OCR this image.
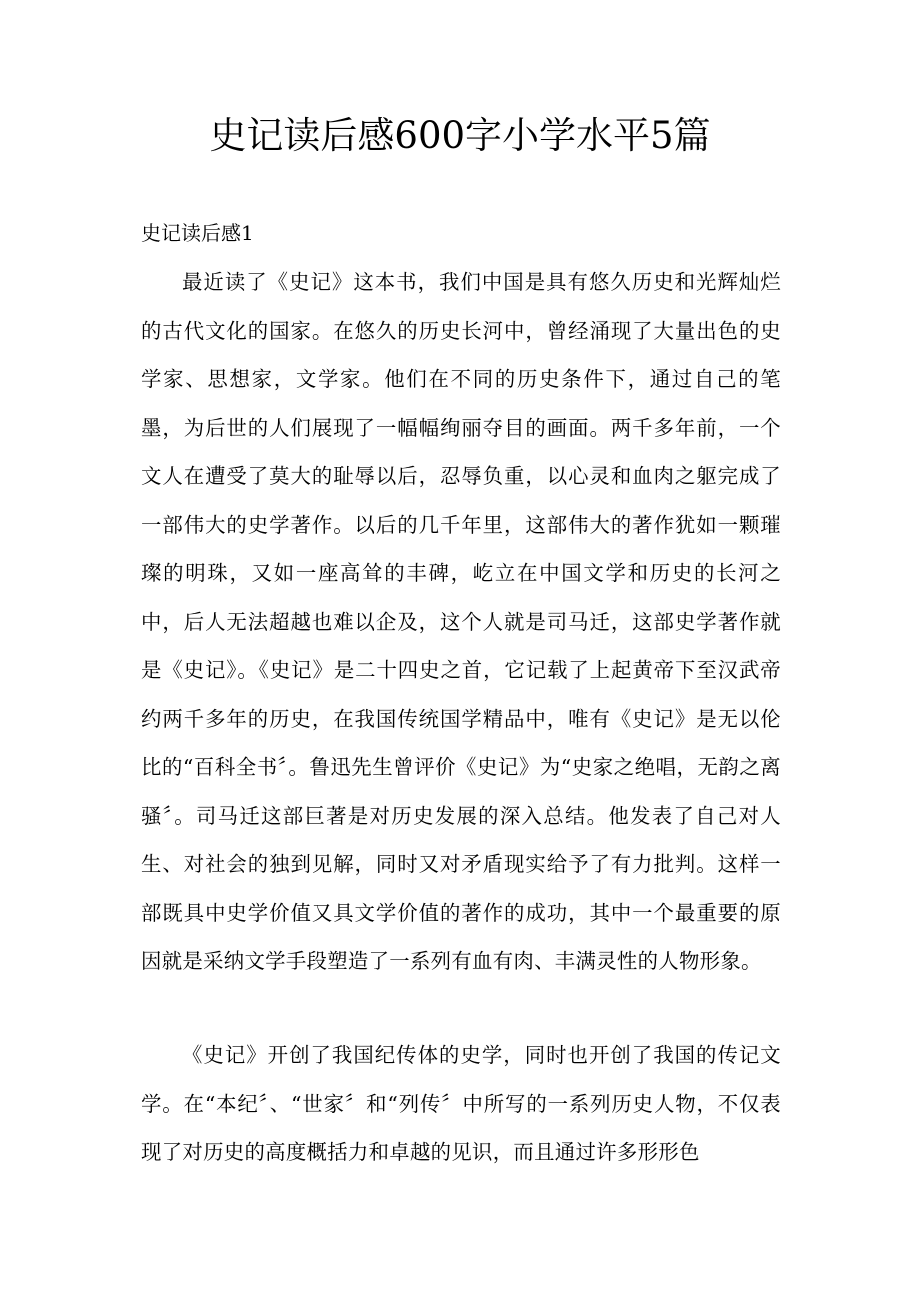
史记读后感600字小学水平5篇

史记读后感1

最近读了《史记》这本书，我们中国是具有悠久历史和光辉灿烂的古代文化的国家。在悠久的历史长河中，曾经涌现了大量出色的史学家、思想家，文学家。他们在不同的历史条件下，通过自己的笔墨，为后世的人们展现了一幅幅绚丽夺目的画面。两千多年前，一个文人在遭受了莫大的耻辱以后，忍辱负重，以心灵和血肉之躯完成了一部伟大的史学著作。以后的几千年里，这部伟大的著作犹如一颗璀璨的明珠，又如一座高耸的丰碑，屹立在中国文学和历史的长河之中，后人无法超越也难以企及，这个人就是司马迁，这部史学著作就是《史记》。《史记》是二十四史之首，它记载了上起黄帝下至汉武帝约两千多年的历史，在我国传统国学精品中，唯有《史记》是无以伦比的“百科全书〞。鲁迅先生曾评价《史记》为“史家之绝唱，无韵之离骚〞。司马迁这部巨著是对历史发展的深入总结。他发表了自己对人生、对社会的独到见解，同时又对矛盾现实给予了有力批判。这样一部既具中史学价值又具文学价值的著作的成功，其中一个最重要的原因就是采纳文学手段塑造了一系列有血有肉、丰满灵性的人物形象。

《史记》开创了我国纪传体的史学，同时也开创了我国的传记文学。在“本纪〞、“世家〞和“列传〞中所写的一系列历史人物，不仅表现了对历史的高度概括力和卓越的见识，而且通过许多形形色
